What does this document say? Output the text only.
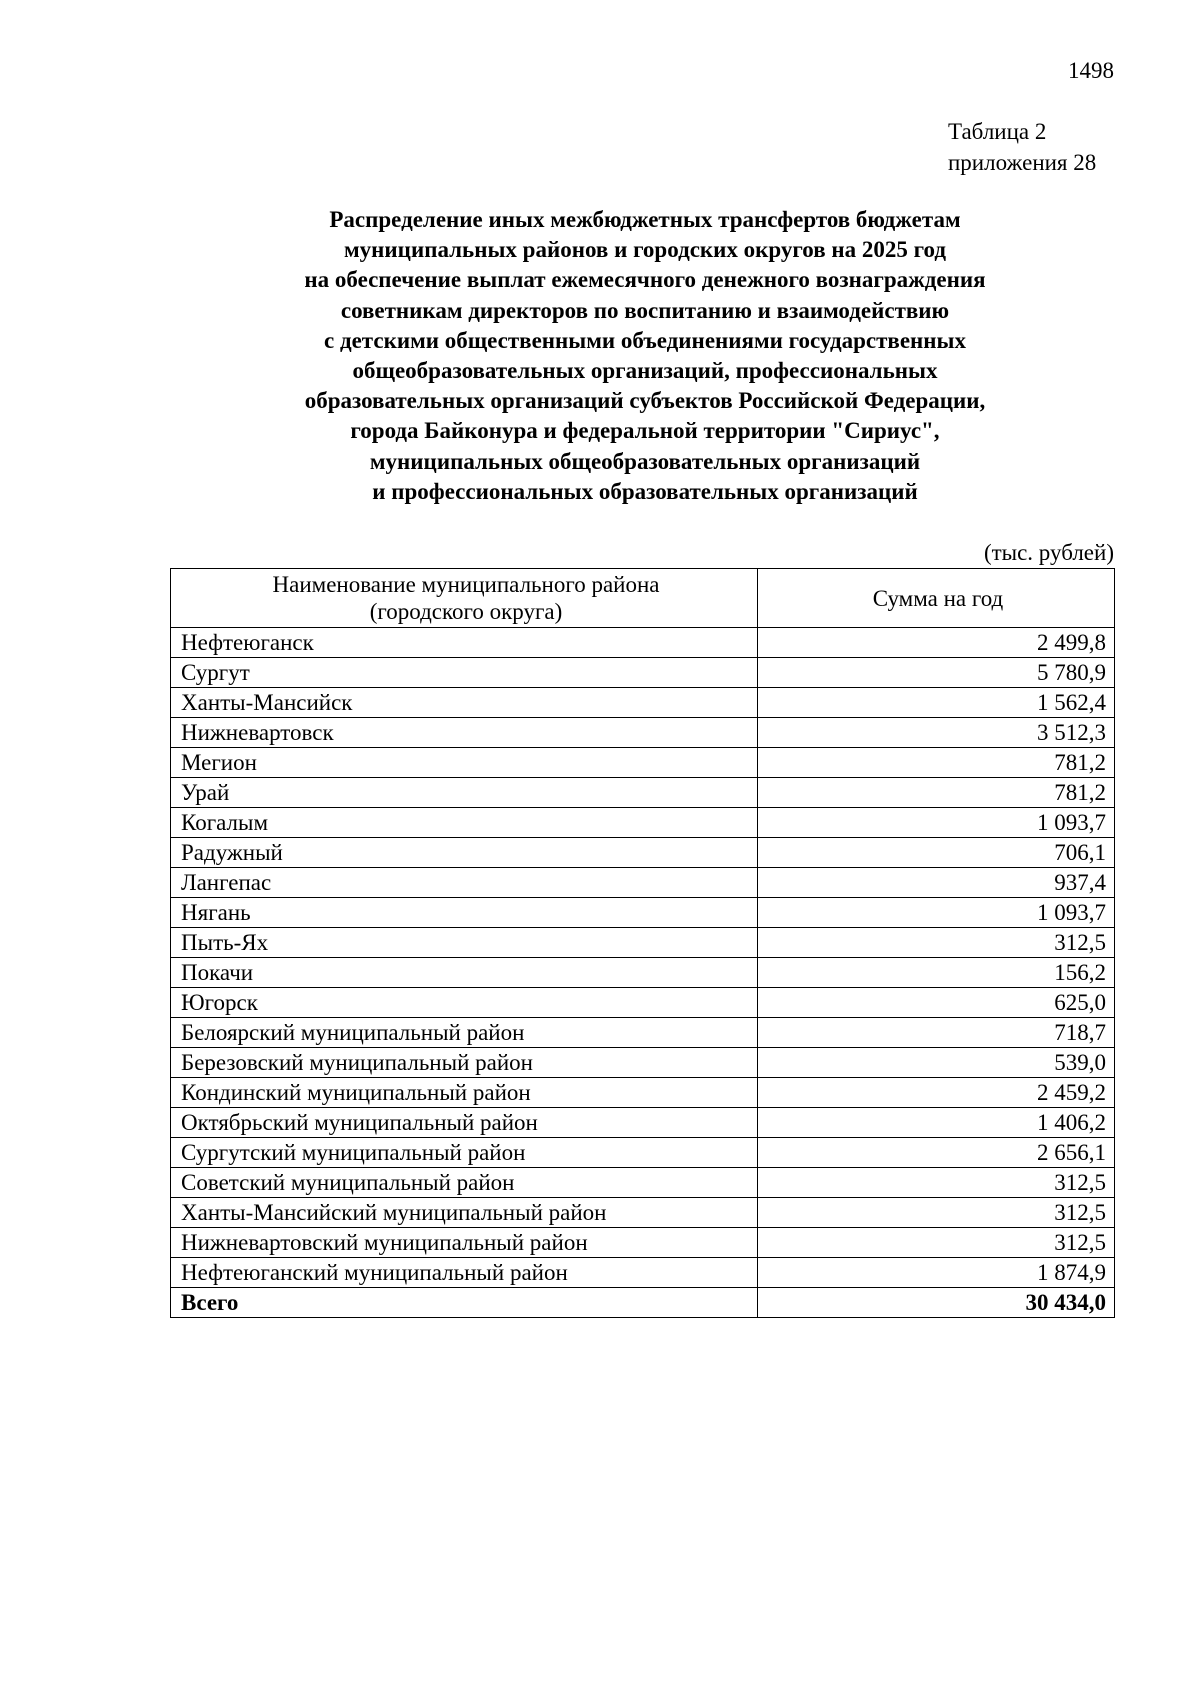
1498
Таблица 2
приложения 28
Распределение иных межбюджетных трансфертов бюджетам
муниципальных районов и городских округов на 2025 год
на обеспечение выплат ежемесячного денежного вознаграждения
советникам директоров по воспитанию и взаимодействию
с детскими общественными объединениями государственных
общеобразовательных организаций, профессиональных
образовательных организаций субъектов Российской Федерации,
города Байконура и федеральной территории "Сириус",
муниципальных общеобразовательных организаций
и профессиональных образовательных организаций
(тыс. рублей)
Наименование муниципального района
(городского округа)	Сумма на год
Нефтеюганск	2 499,8
Сургут	5 780,9
Ханты-Мансийск	1 562,4
Нижневартовск	3 512,3
Мегион	781,2
Урай	781,2
Когалым	1 093,7
Радужный	706,1
Лангепас	937,4
Нягань	1 093,7
Пыть-Ях	312,5
Покачи	156,2
Югорск	625,0
Белоярский муниципальный район	718,7
Березовский муниципальный район	539,0
Кондинский муниципальный район	2 459,2
Октябрьский муниципальный район	1 406,2
Сургутский муниципальный район	2 656,1
Советский муниципальный район	312,5
Ханты-Мансийский муниципальный район	312,5
Нижневартовский муниципальный район	312,5
Нефтеюганский муниципальный район	1 874,9
Всего	30 434,0
